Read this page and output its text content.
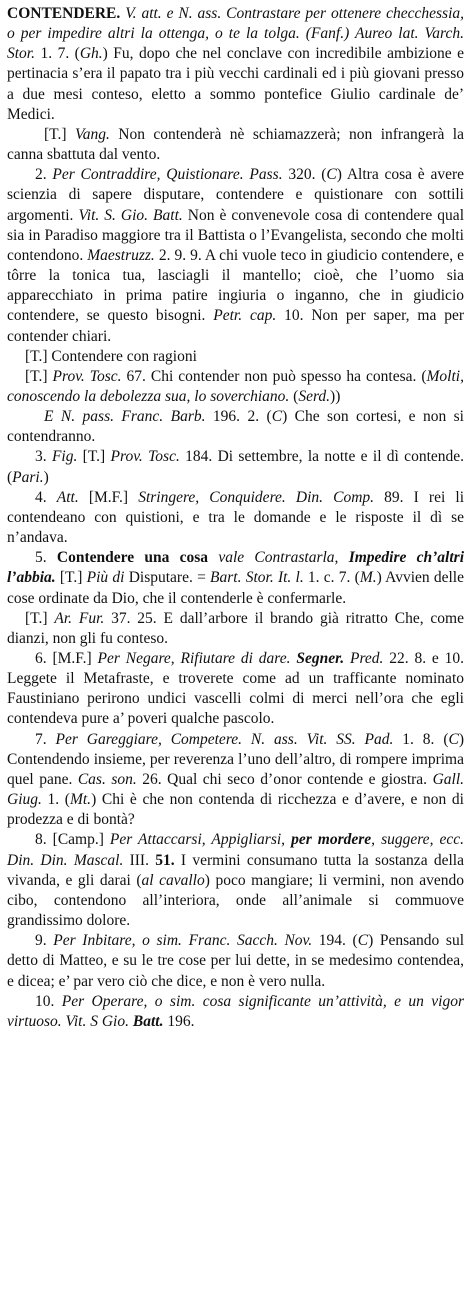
CONTENDERE. V. att. e N. ass. Contrastare per ottenere checchessia, o per impedire altri la ottenga, o te la tolga. (Fanf.) Aureo lat. Varch. Stor. 1. 7. (Gh.) Fu, dopo che nel conclave con incredibile ambizione e pertinacia s’era il papato tra i più vecchi cardinali ed i più giovani presso a due mesi conteso, eletto a sommo pontefice Giulio cardinale de’ Medici.

[T.] Vang. Non contenderà nè schiamazzerà; non infrangerà la canna sbattuta dal vento.

2. Per Contraddire, Quistionare. Pass. 320. (C) Altra cosa è avere scienzia di sapere disputare, contendere e quistionare con sottili argomenti. Vit. S. Gio. Batt. Non è convenevole cosa di contendere qual sia in Paradiso maggiore tra il Battista o l’Evangelista, secondo che molti contendono. Maestruzz. 2. 9. 9. A chi vuole teco in giudicio contendere, e tôrre la tonica tua, lasciagli il mantello; cioè, che l’uomo sia apparecchiato in prima patire ingiuria o inganno, che in giudicio contendere, se questo bisogni. Petr. cap. 10. Non per saper, ma per contender chiari.

[T.] Contendere con ragioni

[T.] Prov. Tosc. 67. Chi contender non può spesso ha contesa. (Molti, conoscendo la debolezza sua, lo soverchiano. (Serd.))

E N. pass. Franc. Barb. 196. 2. (C) Che son cortesi, e non si contendranno.

3. Fig. [T.] Prov. Tosc. 184. Di settembre, la notte e il dì contende. (Pari.)

4. Att. [M.F.] Stringere, Conquidere. Din. Comp. 89. I rei li contendeano con quistioni, e tra le domande e le risposte il dì se n’andava.

5. Contendere una cosa vale Contrastarla, Impedire ch’altri l’abbia. [T.] Più di Disputare. = Bart. Stor. It. l. 1. c. 7. (M.) Avvien delle cose ordinate da Dio, che il contenderle è confermarle.

[T.] Ar. Fur. 37. 25. E dall’arbore il brando già ritratto Che, come dianzi, non gli fu conteso.

6. [M.F.] Per Negare, Rifiutare di dare. Segner. Pred. 22. 8. e 10. Leggete il Metafraste, e troverete come ad un trafficante nominato Faustiniano perirono undici vascelli colmi di merci nell’ora che egli contendeva pure a’ poveri qualche pascolo.

7. Per Gareggiare, Competere. N. ass. Vit. SS. Pad. 1. 8. (C) Contendendo insieme, per reverenza l’uno dell’altro, di rompere imprima quel pane. Cas. son. 26. Qual chi seco d’onor contende e giostra. Gall. Giug. 1. (Mt.) Chi è che non contenda di ricchezza e d’avere, e non di prodezza e di bontà?

8. [Camp.] Per Attaccarsi, Appigliarsi, per mordere, suggere, ecc. Din. Din. Mascal. III. 51. I vermini consumano tutta la sostanza della vivanda, e gli darai (al cavallo) poco mangiare; li vermini, non avendo cibo, contendono all’interiora, onde all’animale si commuove grandissimo dolore.

9. Per Inbitare, o sim. Franc. Sacch. Nov. 194. (C) Pensando sul detto di Matteo, e su le tre cose per lui dette, in se medesimo contendea, e dicea; e’ par vero ciò che dice, e non è vero nulla.

10. Per Operare, o sim. cosa significante un’attività, e un vigor virtuoso. Vit. S Gio. Batt. 196.
